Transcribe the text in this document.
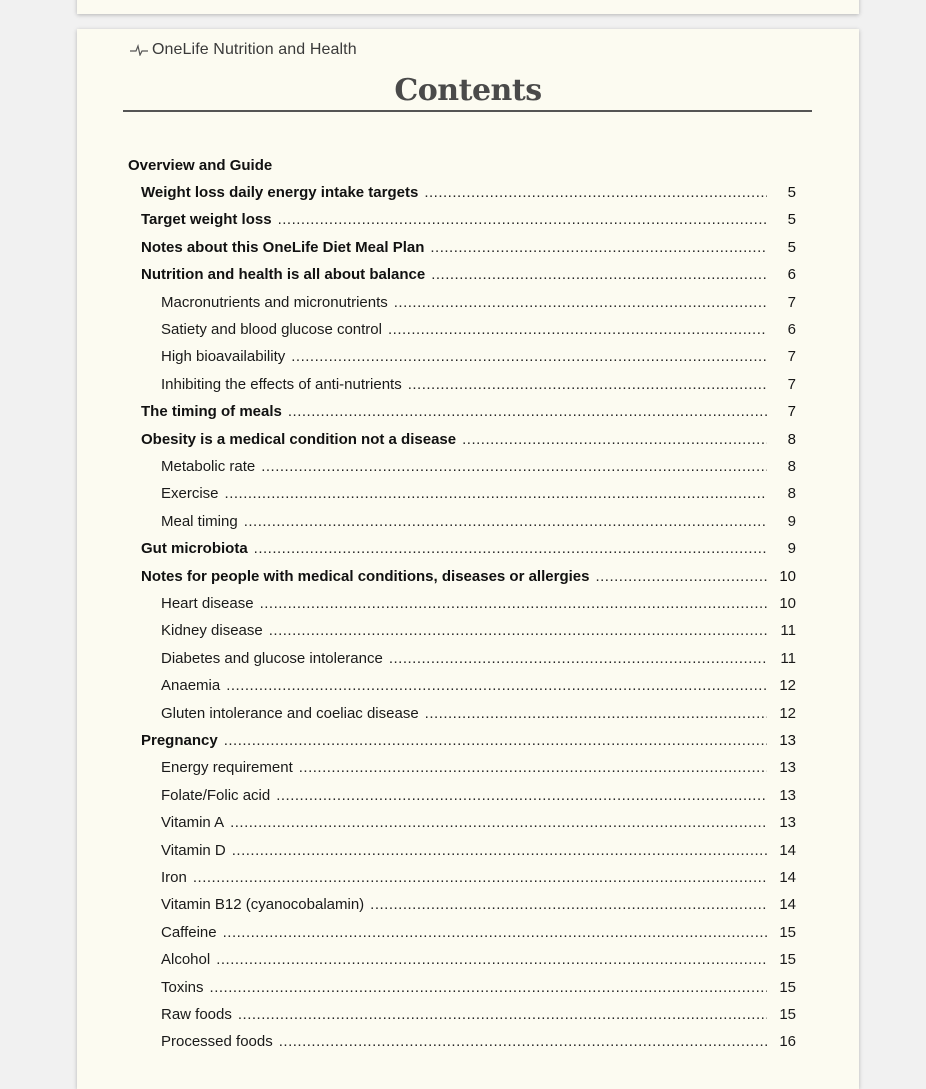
OneLife Nutrition and Health
Contents
Overview and Guide
Weight loss daily energy intake targets .....	5
Target weight loss .....	5
Notes about this OneLife Diet Meal Plan .....	5
Nutrition and health is all about balance .....	6
Macronutrients and micronutrients .....	7
Satiety and blood glucose control .....	6
High bioavailability .....	7
Inhibiting the effects of anti-nutrients .....	7
The timing of meals .....	7
Obesity is a medical condition not a disease .....	8
Metabolic rate .....	8
Exercise .....	8
Meal timing .....	9
Gut microbiota .....	9
Notes for people with medical conditions, diseases or allergies .....	10
Heart disease .....	10
Kidney disease .....	11
Diabetes and glucose intolerance .....	11
Anaemia .....	12
Gluten intolerance and coeliac disease .....	12
Pregnancy .....	13
Energy requirement .....	13
Folate/Folic acid .....	13
Vitamin A .....	13
Vitamin D .....	14
Iron .....	14
Vitamin B12 (cyanocobalamin) .....	14
Caffeine .....	15
Alcohol .....	15
Toxins .....	15
Raw foods .....	15
Processed foods .....	16
